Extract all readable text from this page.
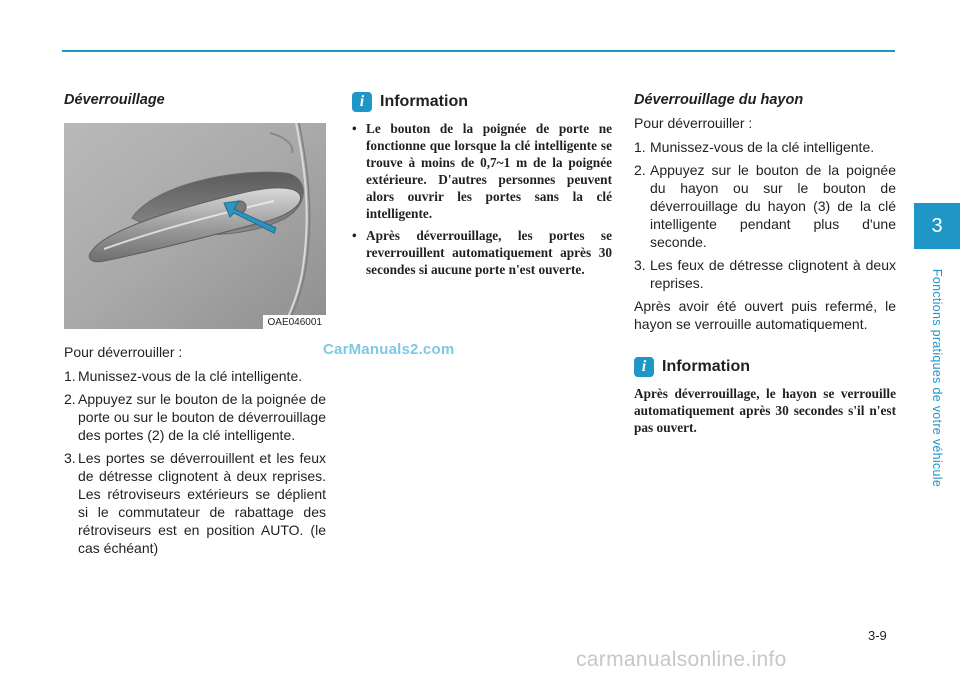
Déverrouillage
OAE046001

Pour déverrouiller :

1. Munissez-vous de la clé intelligente.
2. Appuyez sur le bouton de la poignée de porte ou sur le bouton de déverrouillage des portes (2) de la clé intelligente.
3. Les portes se déverrouillent et les feux de détresse clignotent à deux reprises. Les rétroviseurs extérieurs se déplient si le commutateur de rabattage des rétroviseurs est en position AUTO. (le cas échéant)
i Information
• Le bouton de la poignée de porte ne fonctionne que lorsque la clé intelligente se trouve à moins de 0,7~1 m de la poignée extérieure. D'autres personnes peuvent alors ouvrir les portes sans la clé intelligente.
• Après déverrouillage, les portes se reverrouillent automatiquement après 30 secondes si aucune porte n'est ouverte.
Déverrouillage du hayon

Pour déverrouiller :

1. Munissez-vous de la clé intelligente.
2. Appuyez sur le bouton de la poignée du hayon ou sur le bouton de déverrouillage du hayon (3) de la clé intelligente pendant plus d'une seconde.
3. Les feux de détresse clignotent à deux reprises.

Après avoir été ouvert puis refermé, le hayon se verrouille automatiquement.

i Information

Après déverrouillage, le hayon se verrouille automatiquement après 30 secondes s'il n'est pas ouvert.

CarManuals2.com
3
Fonctions pratiques de votre véhicule
3-9
carmanualsonline.info
